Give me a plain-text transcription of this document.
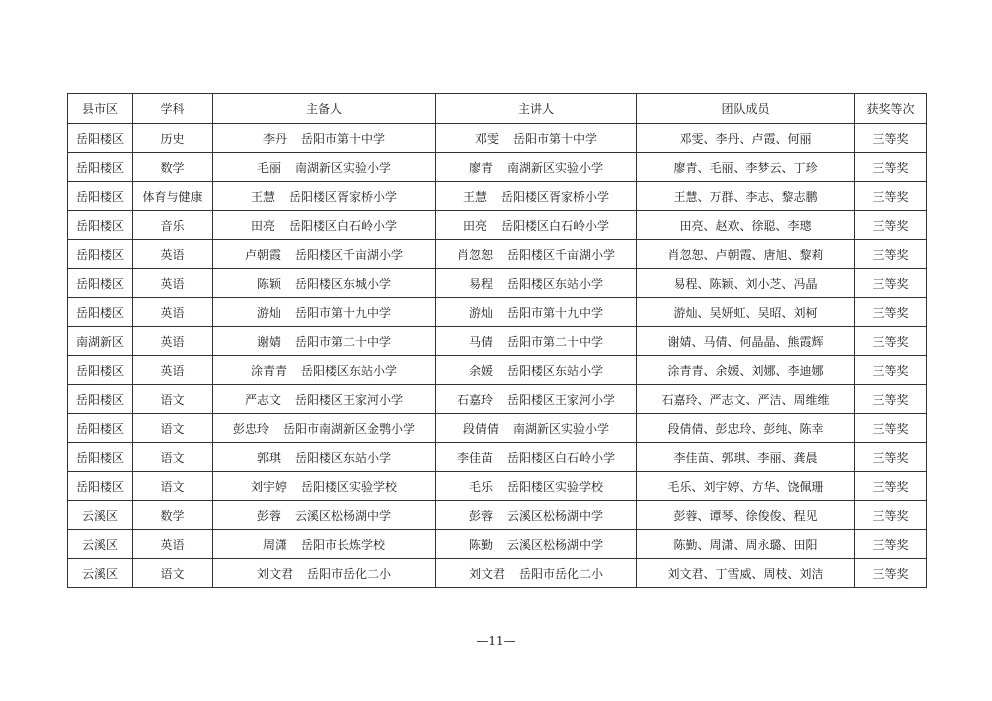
县市区	学科	主备人	主讲人	团队成员	获奖等次
岳阳楼区	历史	李丹 岳阳市第十中学	邓雯 岳阳市第十中学	邓雯、李丹、卢霞、何丽	三等奖
岳阳楼区	数学	毛丽 南湖新区实验小学	廖青 南湖新区实验小学	廖青、毛丽、李梦云、丁珍	三等奖
岳阳楼区	体育与健康	王慧 岳阳楼区胥家桥小学	王慧 岳阳楼区胥家桥小学	王慧、万群、李志、黎志鹏	三等奖
岳阳楼区	音乐	田亮 岳阳楼区白石岭小学	田亮 岳阳楼区白石岭小学	田亮、赵欢、徐聪、李璁	三等奖
岳阳楼区	英语	卢朝霞 岳阳楼区千亩湖小学	肖忽恕 岳阳楼区千亩湖小学	肖忽恕、卢朝霞、唐旭、黎莉	三等奖
岳阳楼区	英语	陈颖 岳阳楼区东城小学	易程 岳阳楼区东站小学	易程、陈颖、刘小芝、冯晶	三等奖
岳阳楼区	英语	游灿 岳阳市第十九中学	游灿 岳阳市第十九中学	游灿、吴妍虹、吴昭、刘柯	三等奖
南湖新区	英语	谢婧 岳阳市第二十中学	马倩 岳阳市第二十中学	谢婧、马倩、何晶晶、熊霞辉	三等奖
岳阳楼区	英语	涂青青 岳阳楼区东站小学	余媛 岳阳楼区东站小学	涂青青、余媛、刘娜、李迪娜	三等奖
岳阳楼区	语文	严志文 岳阳楼区王家河小学	石嘉玲 岳阳楼区王家河小学	石嘉玲、严志文、严洁、周维维	三等奖
岳阳楼区	语文	彭忠玲 岳阳市南湖新区金鹗小学	段倩倩 南湖新区实验小学	段倩倩、彭忠玲、彭纯、陈幸	三等奖
岳阳楼区	语文	郭琪 岳阳楼区东站小学	李佳苗 岳阳楼区白石岭小学	李佳苗、郭琪、李丽、龚晨	三等奖
岳阳楼区	语文	刘宇婷 岳阳楼区实验学校	毛乐 岳阳楼区实验学校	毛乐、刘宇婷、方华、饶佩珊	三等奖
云溪区	数学	彭蓉 云溪区松杨湖中学	彭蓉 云溪区松杨湖中学	彭蓉、谭琴、徐俊俊、程见	三等奖
云溪区	英语	周潇 岳阳市长炼学校	陈勤 云溪区松杨湖中学	陈勤、周潇、周永璐、田阳	三等奖
云溪区	语文	刘文君 岳阳市岳化二小	刘文君 岳阳市岳化二小	刘文君、丁雪威、周枝、刘洁	三等奖
—11—
